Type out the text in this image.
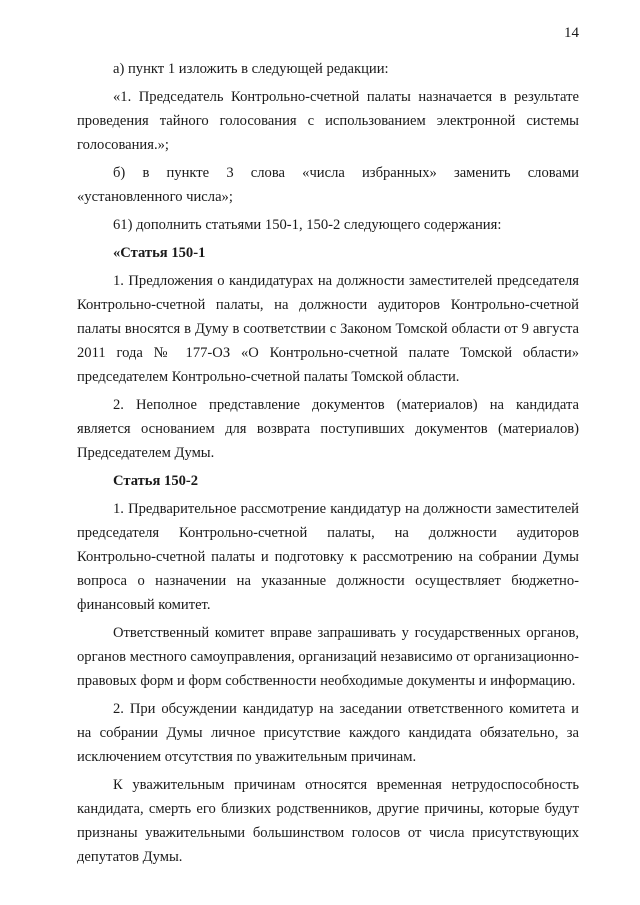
14

а) пункт 1 изложить в следующей редакции:

«1. Председатель Контрольно-счетной палаты назначается в результате проведения тайного голосования с использованием электронной системы голосования.»;

б) в пункте 3 слова «числа избранных» заменить словами «установленного числа»;

61) дополнить статьями 150-1, 150-2 следующего содержания:

«Статья 150-1

1. Предложения о кандидатурах на должности заместителей председателя Контрольно-счетной палаты, на должности аудиторов Контрольно-счетной палаты вносятся в Думу в соответствии с Законом Томской области от 9 августа 2011 года № 177-ОЗ «О Контрольно-счетной палате Томской области» председателем Контрольно-счетной палаты Томской области.

2. Неполное представление документов (материалов) на кандидата является основанием для возврата поступивших документов (материалов) Председателем Думы.

Статья 150-2

1. Предварительное рассмотрение кандидатур на должности заместителей председателя Контрольно-счетной палаты, на должности аудиторов Контрольно-счетной палаты и подготовку к рассмотрению на собрании Думы вопроса о назначении на указанные должности осуществляет бюджетно-финансовый комитет.

Ответственный комитет вправе запрашивать у государственных органов, органов местного самоуправления, организаций независимо от организационно-правовых форм и форм собственности необходимые документы и информацию.

2. При обсуждении кандидатур на заседании ответственного комитета и на собрании Думы личное присутствие каждого кандидата обязательно, за исключением отсутствия по уважительным причинам.

К уважительным причинам относятся временная нетрудоспособность кандидата, смерть его близких родственников, другие причины, которые будут признаны уважительными большинством голосов от числа присутствующих депутатов Думы.
